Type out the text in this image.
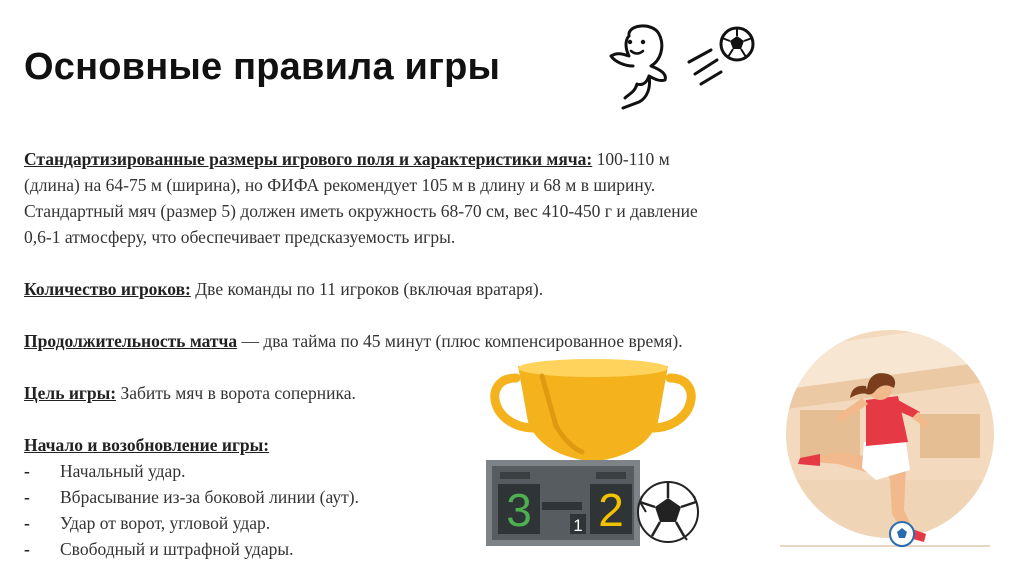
Основные правила игры

Стандартизированные размеры игрового поля и характеристики мяча: 100-110 м (длина) на 64-75 м (ширина), но ФИФА рекомендует 105 м в длину и 68 м в ширину. Стандартный мяч (размер 5) должен иметь окружность 68-70 см, вес 410-450 г и давление 0,6-1 атмосферу, что обеспечивает предсказуемость игры.

Количество игроков: Две команды по 11 игроков (включая вратаря).

Продолжительность матча — два тайма по 45 минут (плюс компенсированное время).

Цель игры: Забить мяч в ворота соперника.

Начало и возобновление игры:

-	Начальный удар.
-	Вбрасывание из-за боковой линии (аут).
-	Удар от ворот, угловой удар.
-	Свободный и штрафной удары.
3 1 2
